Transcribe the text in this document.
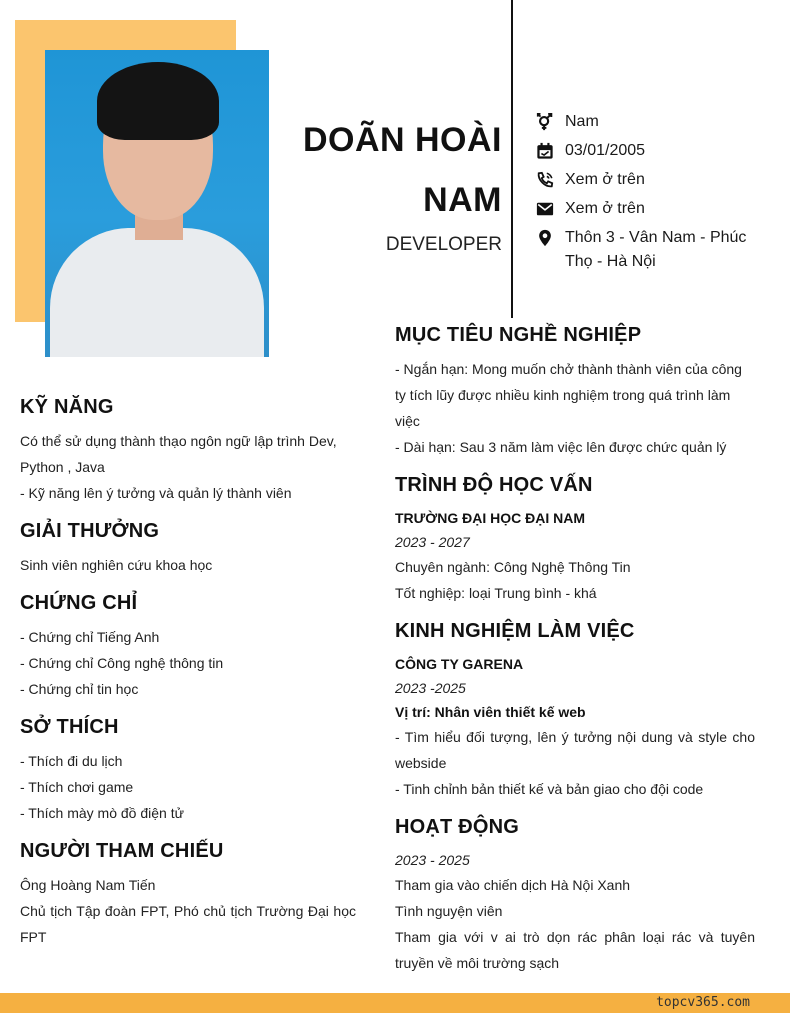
DOÃN HOÀI
NAM
DEVELOPER
Nam
03/01/2005
Xem ở trên
Xem ở trên
Thôn 3 - Vân Nam - Phúc Thọ - Hà Nội
KỸ NĂNG

Có thể sử dụng thành thạo ngôn ngữ lập trình Dev, Python , Java

- Kỹ năng lên ý tưởng và quản lý thành viên

GIẢI THƯỞNG

Sinh viên nghiên cứu khoa học

CHỨNG CHỈ

- Chứng chỉ Tiếng Anh

- Chứng chỉ Công nghệ thông tin

- Chứng chỉ tin học

SỞ THÍCH

- Thích đi du lịch

- Thích chơi game

- Thích mày mò đồ điện tử

NGƯỜI THAM CHIẾU

Ông Hoàng Nam Tiến

Chủ tịch Tập đoàn FPT, Phó chủ tịch Trường Đại học FPT

MỤC TIÊU NGHỀ NGHIỆP

- Ngắn hạn: Mong muốn chở thành thành viên của công ty tích lũy được nhiều kinh nghiệm trong quá trình làm việc

- Dài hạn: Sau 3 năm làm việc lên được chức quản lý

TRÌNH ĐỘ HỌC VẤN
TRƯỜNG ĐẠI HỌC ĐẠI NAM
2023 - 2027

Chuyên ngành: Công Nghệ Thông Tin

Tốt nghiệp: loại Trung bình - khá

KINH NGHIỆM LÀM VIỆC
CÔNG TY GARENA
2023 -2025
Vị trí: Nhân viên thiết kế web

- Tìm hiểu đối tượng, lên ý tưởng nội dung và style cho webside

- Tinh chỉnh bản thiết kế và bản giao cho đội code

HOẠT ĐỘNG
2023 - 2025

Tham gia vào chiến dịch Hà Nội Xanh

Tình nguyện viên

Tham gia với v ai trò dọn rác phân loại rác và tuyên truyền về môi trường sạch

topcv365.com
